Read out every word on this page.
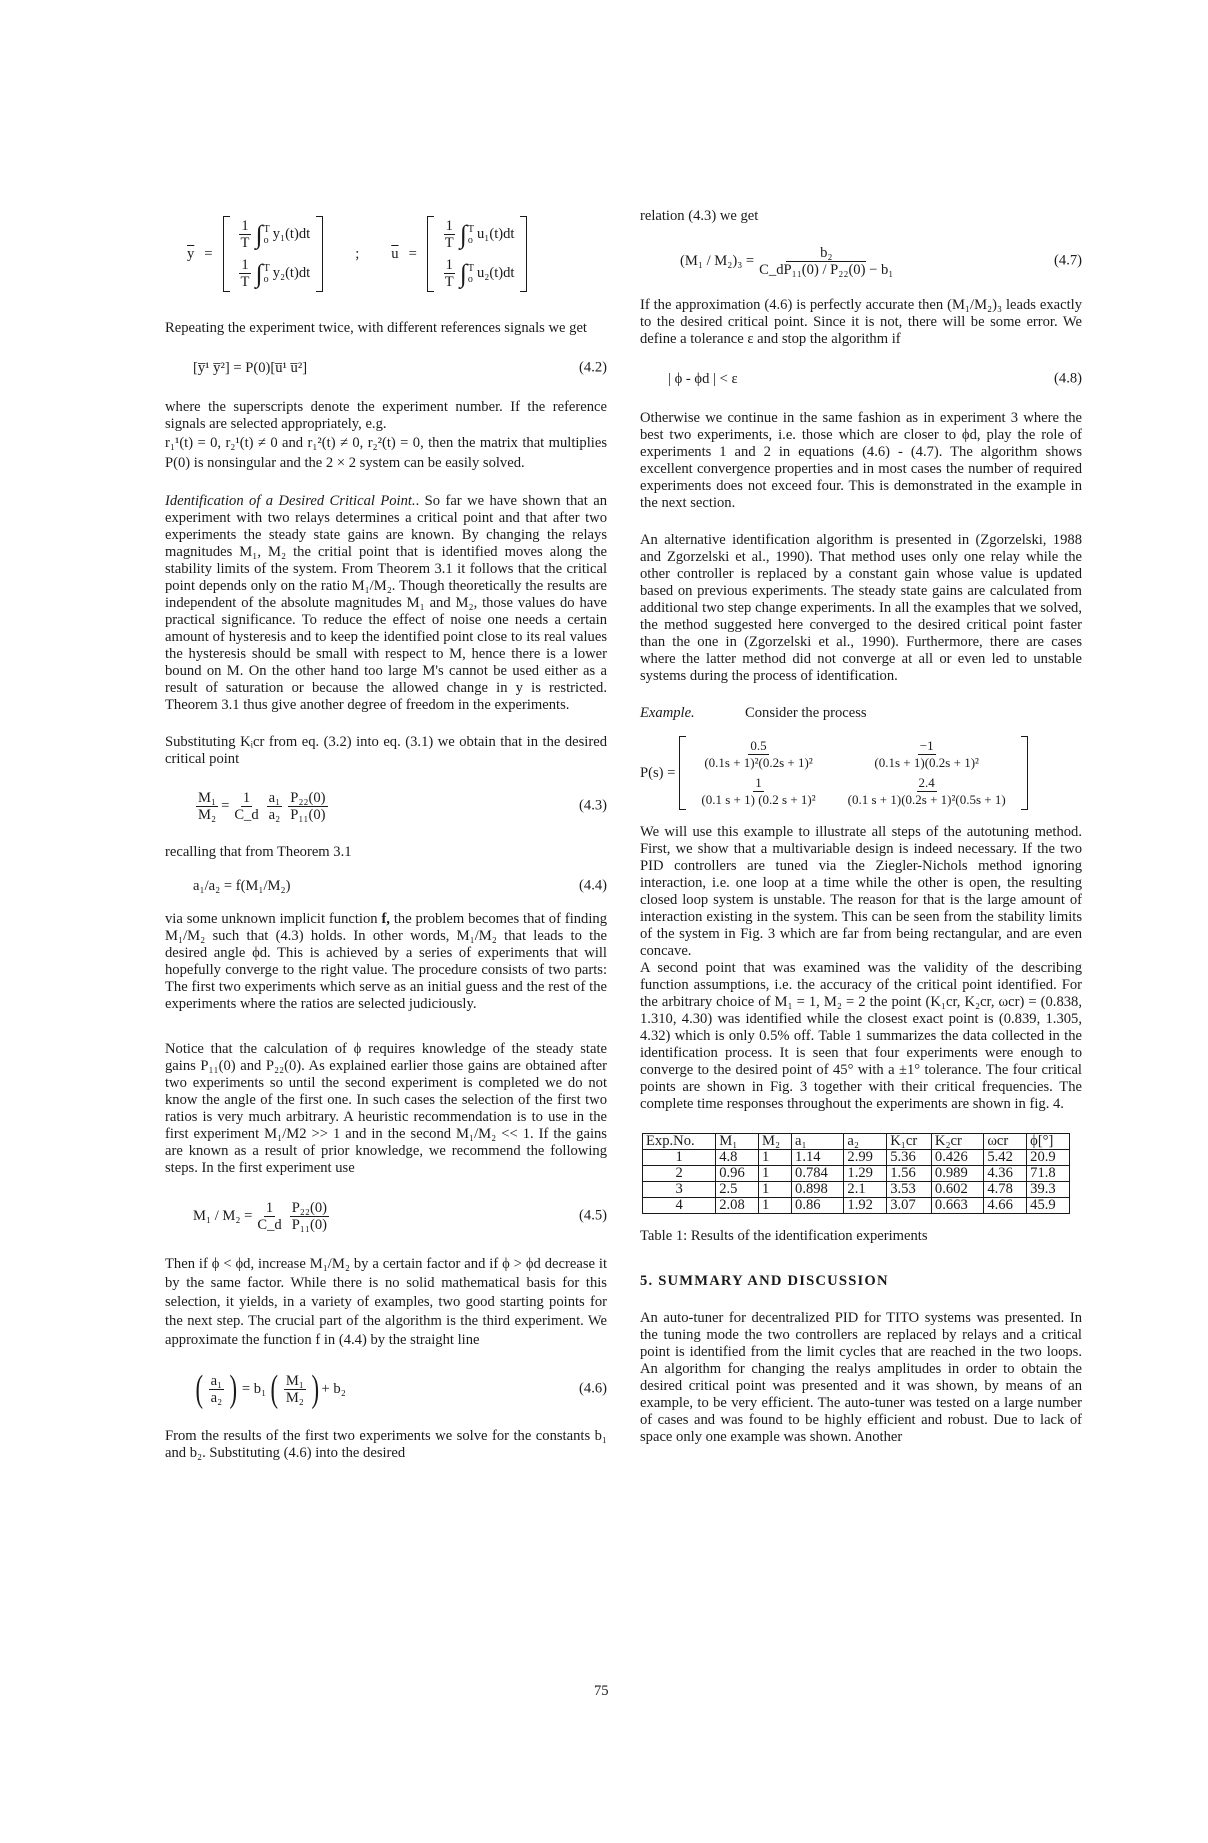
$\overline{y}$ =
$\frac{1}{T}$ ∫ T
o y₁(t)dt
$\frac{1}{T}$ ∫ T
o y₂(t)dt
; $\overline{u}$ =
$\frac{1}{T}$ ∫ T
o u₁(t)dt
$\frac{1}{T}$ ∫ T
o u₂(t)dt

Repeating the experiment twice, with different references signals we get

[y̅¹ y̅²] = P(0)[u̅¹ u̅²]	(4.2)

where the superscripts denote the experiment number. If the reference signals are selected appropriately, e.g.

r₁¹(t) = 0, r₂¹(t) ≠ 0 and r₁²(t) ≠ 0, r₂²(t) = 0, then the matrix that multiplies P(0) is nonsingular and the 2 × 2 system can be easily solved.

Identification of a Desired Critical Point.. So far we have shown that an experiment with two relays determines a critical point and that after two experiments the steady state gains are known. By changing the relays magnitudes M₁, M₂ the critial point that is identified moves along the stability limits of the system. From Theorem 3.1 it follows that the critical point depends only on the ratio M₁/M₂. Though theoretically the results are independent of the absolute magnitudes M₁ and M₂, those values do have practical significance. To reduce the effect of noise one needs a certain amount of hysteresis and to keep the identified point close to its real values the hysteresis should be small with respect to M, hence there is a lower bound on M. On the other hand too large M's cannot be used either as a result of saturation or because the allowed change in y is restricted. Theorem 3.1 thus give another degree of freedom in the experiments.

Substituting Kᵢcr from eq. (3.2) into eq. (3.1) we obtain that in the desired critical point

$\frac{\text{M₁}}{\text{M₂}} = \frac{1}{C\_d} \frac{\text{a₁}}{\text{a₂}} \frac{\text{P₂₂(0)}}{\text{P₁₁(0)}}$	(4.3)

recalling that from Theorem 3.1

a₁/a₂ = f(M₁/M₂)	(4.4)

via some unknown implicit function f, the problem becomes that of finding M₁/M₂ such that (4.3) holds. In other words, M₁/M₂ that leads to the desired angle ϕd. This is achieved by a series of experiments that will hopefully converge to the right value. The procedure consists of two parts: The first two experiments which serve as an initial guess and the rest of the experiments where the ratios are selected judiciously.

Notice that the calculation of ϕ requires knowledge of the steady state gains P₁₁(0) and P₂₂(0). As explained earlier those gains are obtained after two experiments so until the second experiment is completed we do not know the angle of the first one. In such cases the selection of the first two ratios is very much arbitrary. A heuristic recommendation is to use in the first experiment M₁/M2 >> 1 and in the second M₁/M₂ << 1. If the gains are known as a result of prior knowledge, we recommend the following steps. In the first experiment use

$M_1 / M_2 = \frac{1}{C\_d} \frac{\text{P₂₂(0)}}{\text{P₁₁(0)}}$	(4.5)

Then if ϕ < ϕd, increase M₁/M₂ by a certain factor and if ϕ > ϕd decrease it by the same factor. While there is no solid mathematical basis for this selection, it yields, in a variety of examples, two good starting points for the next step. The crucial part of the algorithm is the third experiment. We approximate the function f in (4.4) by the straight line

( $\frac{\text{a₁}}{\text{a₂}}$ ) = b₁ ( $\frac{\text{M₁}}{\text{M₂}}$ ) + b₂	(4.6)

From the results of the first two experiments we solve for the constants b₁ and b₂. Substituting (4.6) into the desired

relation (4.3) we get

$(M_1 / M_2)_3 = \frac{\text{b₂}}{\text{C\_dP₁₁(0) / P₂₂(0) − b₁}}$	(4.7)

If the approximation (4.6) is perfectly accurate then (M₁/M₂)₃ leads exactly to the desired critical point. Since it is not, there will be some error. We define a tolerance ε and stop the algorithm if

| ϕ - ϕd | < ε	(4.8)

Otherwise we continue in the same fashion as in experiment 3 where the best two experiments, i.e. those which are closer to ϕd, play the role of experiments 1 and 2 in equations (4.6) - (4.7). The algorithm shows excellent convergence properties and in most cases the number of required experiments does not exceed four. This is demonstrated in the example in the next section.

An alternative identification algorithm is presented in (Zgorzelski, 1988 and Zgorzelski et al., 1990). That method uses only one relay while the other controller is replaced by a constant gain whose value is updated based on previous experiments. The steady state gains are calculated from additional two step change experiments. In all the examples that we solved, the method suggested here converged to the desired critical point faster than the one in (Zgorzelski et al., 1990). Furthermore, there are cases where the latter method did not converge at all or even led to unstable systems during the process of identification.

Example.	Consider the process
P(s) =
$\frac{0.5}{\text{(0.1s + 1)²(0.2s + 1)²}} \frac{-1}{\text{(0.1s + 1)(0.2s + 1)²}}$
$\frac{1}{\text{(0.1 s + 1) (0.2 s + 1)²}} \frac{2.4}{\text{(0.1 s + 1)(0.2s + 1)²(0.5s + 1)}}$

We will use this example to illustrate all steps of the autotuning method. First, we show that a multivariable design is indeed necessary. If the two PID controllers are tuned via the Ziegler-Nichols method ignoring interaction, i.e. one loop at a time while the other is open, the resulting closed loop system is unstable. The reason for that is the large amount of interaction existing in the system. This can be seen from the stability limits of the system in Fig. 3 which are far from being rectangular, and are even concave.

A second point that was examined was the validity of the describing function assumptions, i.e. the accuracy of the critical point identified. For the arbitrary choice of M₁ = 1, M₂ = 2 the point (K₁cr, K₂cr, ωcr) = (0.838, 1.310, 4.30) was identified while the closest exact point is (0.839, 1.305, 4.32) which is only 0.5% off. Table 1 summarizes the data collected in the identification process. It is seen that four experiments were enough to converge to the desired point of 45° with a ±1° tolerance. The four critical points are shown in Fig. 3 together with their critical frequencies. The complete time responses throughout the experiments are shown in fig. 4.

Exp.No.	M₁	M₂	a₁	a₂	K₁cr	K₂cr	ωcr	ϕ[°]
1	4.8	1	1.14	2.99	5.36	0.426	5.42	20.9
2	0.96	1	0.784	1.29	1.56	0.989	4.36	71.8
3	2.5	1	0.898	2.1	3.53	0.602	4.78	39.3
4	2.08	1	0.86	1.92	3.07	0.663	4.66	45.9

Table 1: Results of the identification experiments

5. SUMMARY AND DISCUSSION

An auto-tuner for decentralized PID for TITO systems was presented. In the tuning mode the two controllers are replaced by relays and a critical point is identified from the limit cycles that are reached in the two loops. An algorithm for changing the realys amplitudes in order to obtain the desired critical point was presented and it was shown, by means of an example, to be very efficient. The auto-tuner was tested on a large number of cases and was found to be highly efficient and robust. Due to lack of space only one example was shown. Another

75
